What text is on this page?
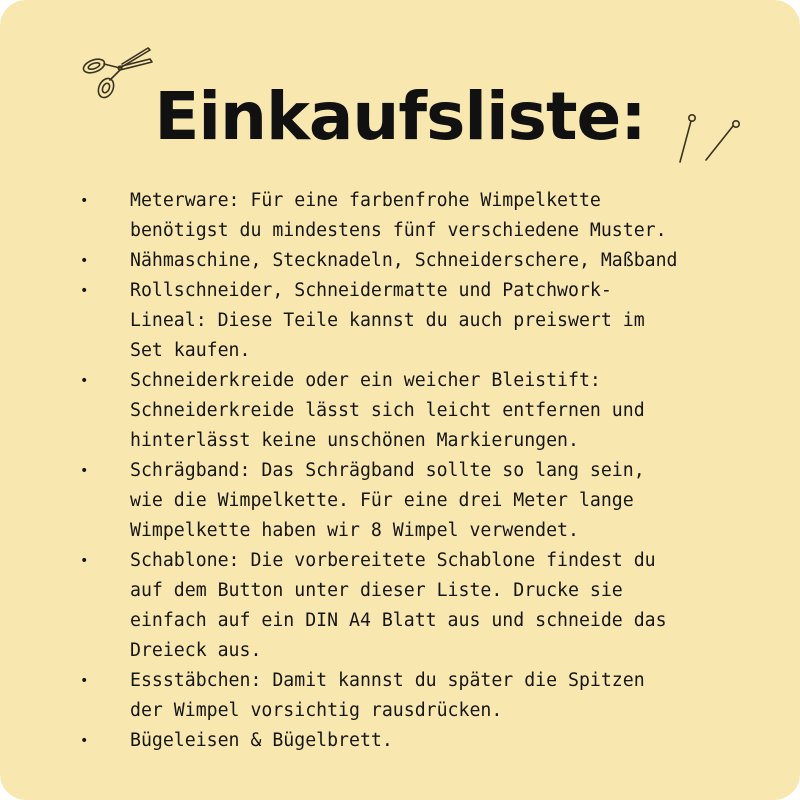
Einkaufsliste:
•	Meterware: Für eine farbenfrohe Wimpelkette
benötigst du mindestens fünf verschiedene Muster.
•	Nähmaschine, Stecknadeln, Schneiderschere, Maßband
•	Rollschneider, Schneidermatte und Patchwork-
Lineal: Diese Teile kannst du auch preiswert im
Set kaufen.
•	Schneiderkreide oder ein weicher Bleistift:
Schneiderkreide lässt sich leicht entfernen und
hinterlässt keine unschönen Markierungen.
•	Schrägband: Das Schrägband sollte so lang sein,
wie die Wimpelkette. Für eine drei Meter lange
Wimpelkette haben wir 8 Wimpel verwendet.
•	Schablone: Die vorbereitete Schablone findest du
auf dem Button unter dieser Liste. Drucke sie
einfach auf ein DIN A4 Blatt aus und schneide das
Dreieck aus.
•	Essstäbchen: Damit kannst du später die Spitzen
der Wimpel vorsichtig rausdrücken.
•	Bügeleisen & Bügelbrett.
